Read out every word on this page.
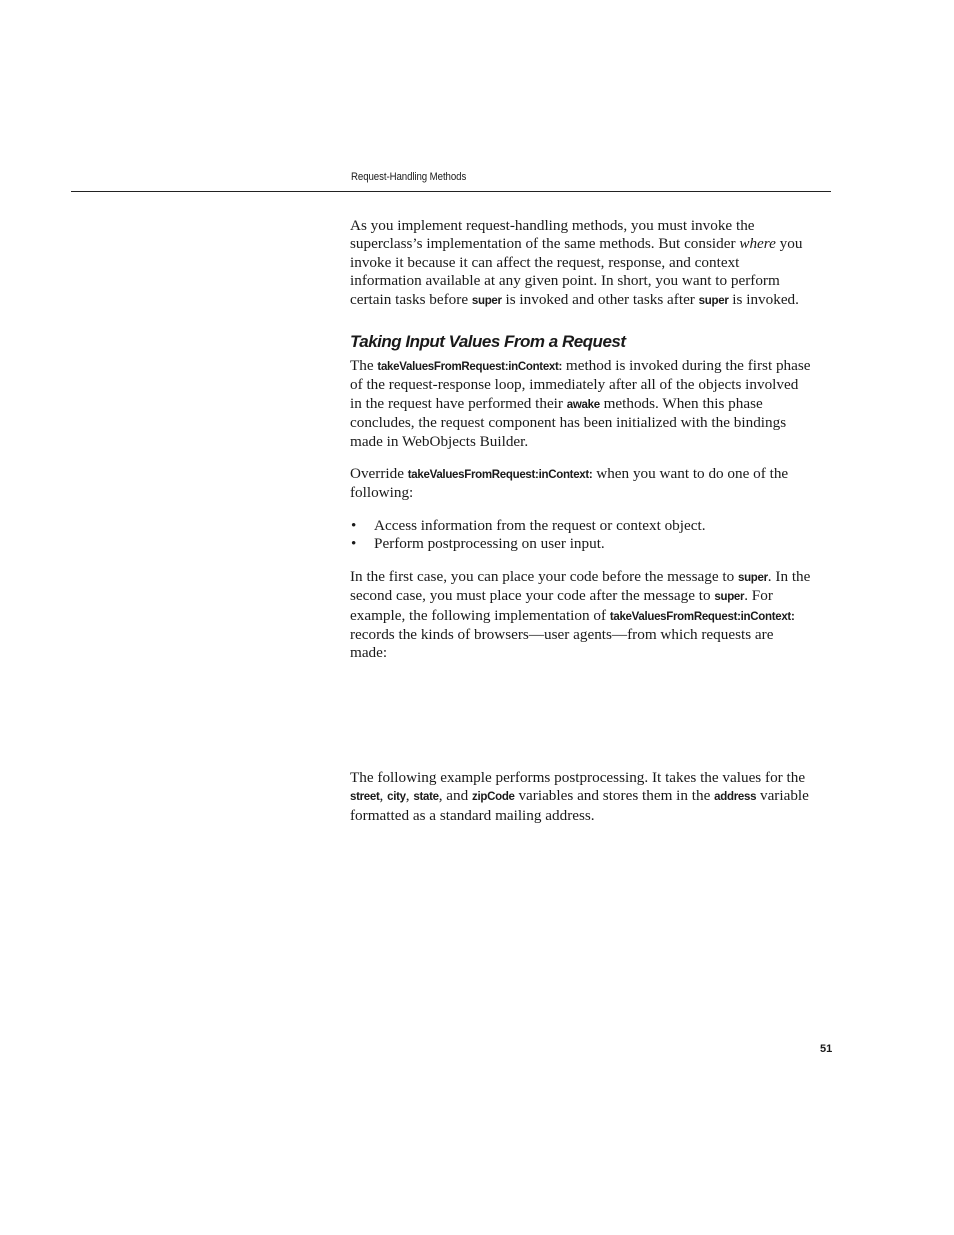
Request-Handling Methods

As you implement request-handling methods, you must invoke the superclass’s implementation of the same methods. But consider where you invoke it because it can affect the request, response, and context information available at any given point. In short, you want to perform certain tasks before super is invoked and other tasks after super is invoked.

Taking Input Values From a Request

The takeValuesFromRequest:inContext: method is invoked during the first phase of the request-response loop, immediately after all of the objects involved in the request have performed their awake methods. When this phase concludes, the request component has been initialized with the bindings made in WebObjects Builder.

Override takeValuesFromRequest:inContext: when you want to do one of the following:

• Access information from the request or context object.
• Perform postprocessing on user input.

In the first case, you can place your code before the message to super. In the second case, you must place your code after the message to super. For example, the following implementation of takeValuesFromRequest:inContext: records the kinds of browsers—user agents—from which requests are made:

The following example performs postprocessing. It takes the values for the street, city, state, and zipCode variables and stores them in the address variable formatted as a standard mailing address.

51
